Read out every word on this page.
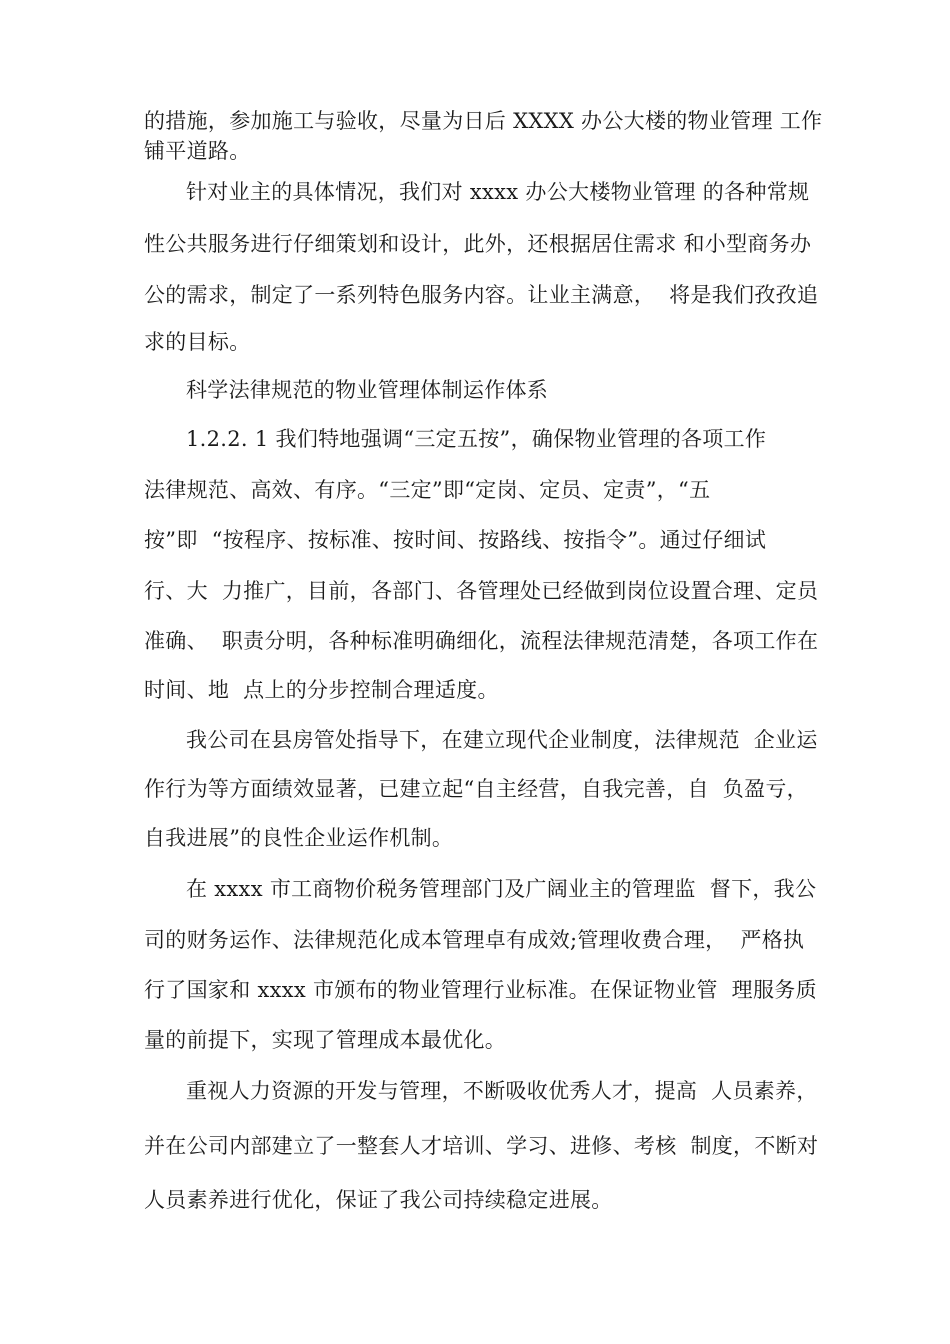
的措施，参加施工与验收，尽量为日后 XXXX 办公大楼的物业管理 工作
铺平道路。
针对业主的具体情况，我们对 xxxx 办公大楼物业管理 的各种常规
性公共服务进行仔细策划和设计，此外，还根据居住需求 和小型商务办
公的需求，制定了一系列特色服务内容。让业主满意，  将是我们孜孜追
求的目标。
科学法律规范的物业管理体制运作体系
1.2.2. 1 我们特地强调“三定五按”，确保物业管理的各项工作
法律规范、高效、有序。“三定”即“定岗、定员、定责”，“五
按”即  “按程序、按标准、按时间、按路线、按指令”。通过仔细试
行、大  力推广，目前，各部门、各管理处已经做到岗位设置合理、定员
准确、  职责分明，各种标准明确细化，流程法律规范清楚，各项工作在
时间、地  点上的分步控制合理适度。
我公司在县房管处指导下，在建立现代企业制度，法律规范  企业运
作行为等方面绩效显著，已建立起“自主经营，自我完善，自  负盈亏，
自我进展”的良性企业运作机制。
在 xxxx 市工商物价税务管理部门及广阔业主的管理监  督下，我公
司的财务运作、法律规范化成本管理卓有成效;管理收费合理，  严格执
行了国家和 xxxx 市颁布的物业管理行业标准。在保证物业管  理服务质
量的前提下，实现了管理成本最优化。
重视人力资源的开发与管理，不断吸收优秀人才，提高  人员素养，
并在公司内部建立了一整套人才培训、学习、进修、考核  制度，不断对
人员素养进行优化，保证了我公司持续稳定进展。
